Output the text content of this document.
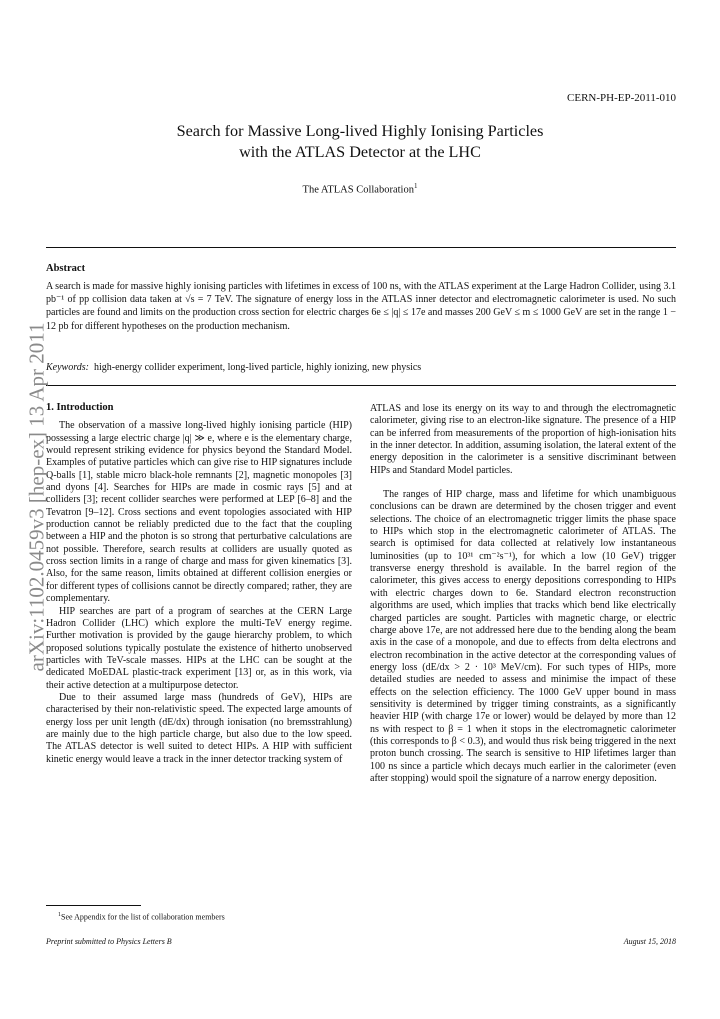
CERN-PH-EP-2011-010
Search for Massive Long-lived Highly Ionising Particles
with the ATLAS Detector at the LHC
The ATLAS Collaboration$^1$
Abstract
A search is made for massive highly ionising particles with lifetimes in excess of 100 ns, with the ATLAS experiment at the Large Hadron Collider, using 3.1 pb⁻¹ of pp collision data taken at √s = 7 TeV. The signature of energy loss in the ATLAS inner detector and electromagnetic calorimeter is used. No such particles are found and limits on the production cross section for electric charges 6e ≤ |q| ≤ 17e and masses 200 GeV ≤ m ≤ 1000 GeV are set in the range 1 − 12 pb for different hypotheses on the production mechanism.
Keywords: high-energy collider experiment, long-lived particle, highly ionizing, new physics
1. Introduction

The observation of a massive long-lived highly ionising particle (HIP) possessing a large electric charge |q| ≫ e, where e is the elementary charge, would represent striking evidence for physics beyond the Standard Model. Examples of putative particles which can give rise to HIP signatures include Q-balls [1], stable micro black-hole remnants [2], magnetic monopoles [3] and dyons [4]. Searches for HIPs are made in cosmic rays [5] and at colliders [3]; recent collider searches were performed at LEP [6–8] and the Tevatron [9–12]. Cross sections and event topologies associated with HIP production cannot be reliably predicted due to the fact that the coupling between a HIP and the photon is so strong that perturbative calculations are not possible. Therefore, search results at colliders are usually quoted as cross section limits in a range of charge and mass for given kinematics [3]. Also, for the same reason, limits obtained at different collision energies or for different types of collisions cannot be directly compared; rather, they are complementary.

HIP searches are part of a program of searches at the CERN Large Hadron Collider (LHC) which explore the multi-TeV energy regime. Further motivation is provided by the gauge hierarchy problem, to which proposed solutions typically postulate the existence of hitherto unobserved particles with TeV-scale masses. HIPs at the LHC can be sought at the dedicated MoEDAL plastic-track experiment [13] or, as in this work, via their active detection at a multipurpose detector.

Due to their assumed large mass (hundreds of GeV), HIPs are characterised by their non-relativistic speed. The expected large amounts of energy loss per unit length (dE/dx) through ionisation (no bremsstrahlung) are mainly due to the high particle charge, but also due to the low speed. The ATLAS detector is well suited to detect HIPs. A HIP with sufficient kinetic energy would leave a track in the inner detector tracking system of

ATLAS and lose its energy on its way to and through the electromagnetic calorimeter, giving rise to an electron-like signature. The presence of a HIP can be inferred from measurements of the proportion of high-ionisation hits in the inner detector. In addition, assuming isolation, the lateral extent of the energy deposition in the calorimeter is a sensitive discriminant between HIPs and Standard Model particles.

The ranges of HIP charge, mass and lifetime for which unambiguous conclusions can be drawn are determined by the chosen trigger and event selections. The choice of an electromagnetic trigger limits the phase space to HIPs which stop in the electromagnetic calorimeter of ATLAS. The search is optimised for data collected at relatively low instantaneous luminosities (up to 10³¹ cm⁻²s⁻¹), for which a low (10 GeV) trigger transverse energy threshold is available. In the barrel region of the calorimeter, this gives access to energy depositions corresponding to HIPs with electric charges down to 6e. Standard electron reconstruction algorithms are used, which implies that tracks which bend like electrically charged particles are sought. Particles with magnetic charge, or electric charge above 17e, are not addressed here due to the bending along the beam axis in the case of a monopole, and due to effects from delta electrons and electron recombination in the active detector at the corresponding values of energy loss (dE/dx > 2 · 10³ MeV/cm). For such types of HIPs, more detailed studies are needed to assess and minimise the impact of these effects on the selection efficiency. The 1000 GeV upper bound in mass sensitivity is determined by trigger timing constraints, as a significantly heavier HIP (with charge 17e or lower) would be delayed by more than 12 ns with respect to β = 1 when it stops in the electromagnetic calorimeter (this corresponds to β < 0.3), and would thus risk being triggered in the next proton bunch crossing. The search is sensitive to HIP lifetimes larger than 100 ns since a particle which decays much earlier in the calorimeter (even after stopping) would spoil the signature of a narrow energy deposition.

$^1$See Appendix for the list of collaboration members
Preprint submitted to Physics Letters B	August 15, 2018
arXiv:1102.0459v3 [hep-ex] 13 Apr 2011
